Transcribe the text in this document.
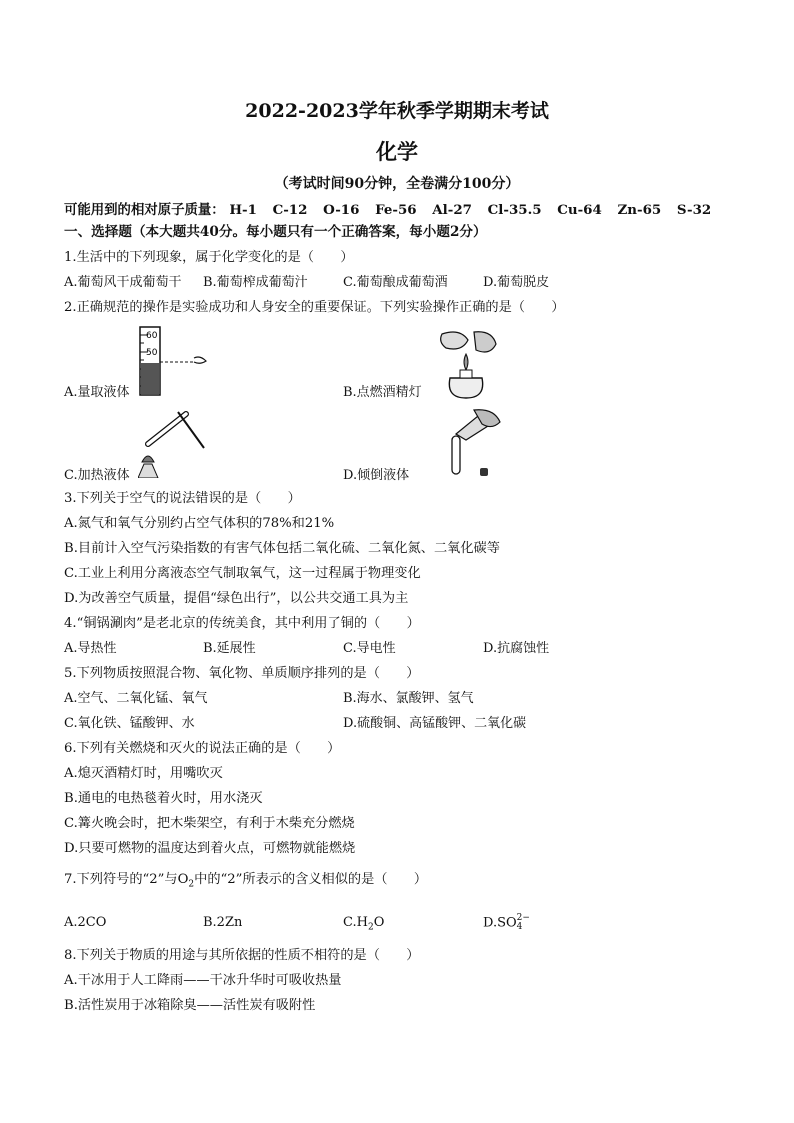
2022-2023学年秋季学期期末考试
化学
（考试时间90分钟，全卷满分100分）
可能用到的相对原子质量： H-1 C-12 O-16 Fe-56 Al-27 Cl-35.5 Cu-64 Zn-65 S-32
一、选择题（本大题共40分。每小题只有一个正确答案，每小题2分）
1.生活中的下列现象，属于化学变化的是（　　）
A.葡萄风干成葡萄干 B.葡萄榨成葡萄汁	C.葡萄酿成葡萄酒	D.葡萄脱皮
2.正确规范的操作是实验成功和人身安全的重要保证。下列实验操作正确的是（　　）
60
50
A.量取液体	B.点燃酒精灯
C.加热液体	D.倾倒液体
3.下列关于空气的说法错误的是（　　）
A.氮气和氧气分别约占空气体积的78%和21%
B.目前计入空气污染指数的有害气体包括二氧化硫、二氧化氮、二氧化碳等
C.工业上利用分离液态空气制取氧气，这一过程属于物理变化
D.为改善空气质量，提倡“绿色出行”，以公共交通工具为主
4.“铜锅涮肉”是老北京的传统美食，其中利用了铜的（　　）
A.导热性	B.延展性	C.导电性	D.抗腐蚀性
5.下列物质按照混合物、氧化物、单质顺序排列的是（　　）
A.空气、二氧化锰、氧气	B.海水、氯酸钾、氢气
C.氧化铁、锰酸钾、水	D.硫酸铜、高锰酸钾、二氧化碳
6.下列有关燃烧和灭火的说法正确的是（　　）
A.熄灭酒精灯时，用嘴吹灭
B.通电的电热毯着火时，用水浇灭
C.篝火晚会时，把木柴架空，有利于木柴充分燃烧
D.只要可燃物的温度达到着火点，可燃物就能燃烧
7.下列符号的“2”与$O_2$中的“2”所表示的含义相似的是（　　）
A.2CO	B.2Zn	$C.H_2O$	D.SO 2−
4
8.下列关于物质的用途与其所依据的性质不相符的是（　　）
A.干冰用于人工降雨——干冰升华时可吸收热量
B.活性炭用于冰箱除臭——活性炭有吸附性
